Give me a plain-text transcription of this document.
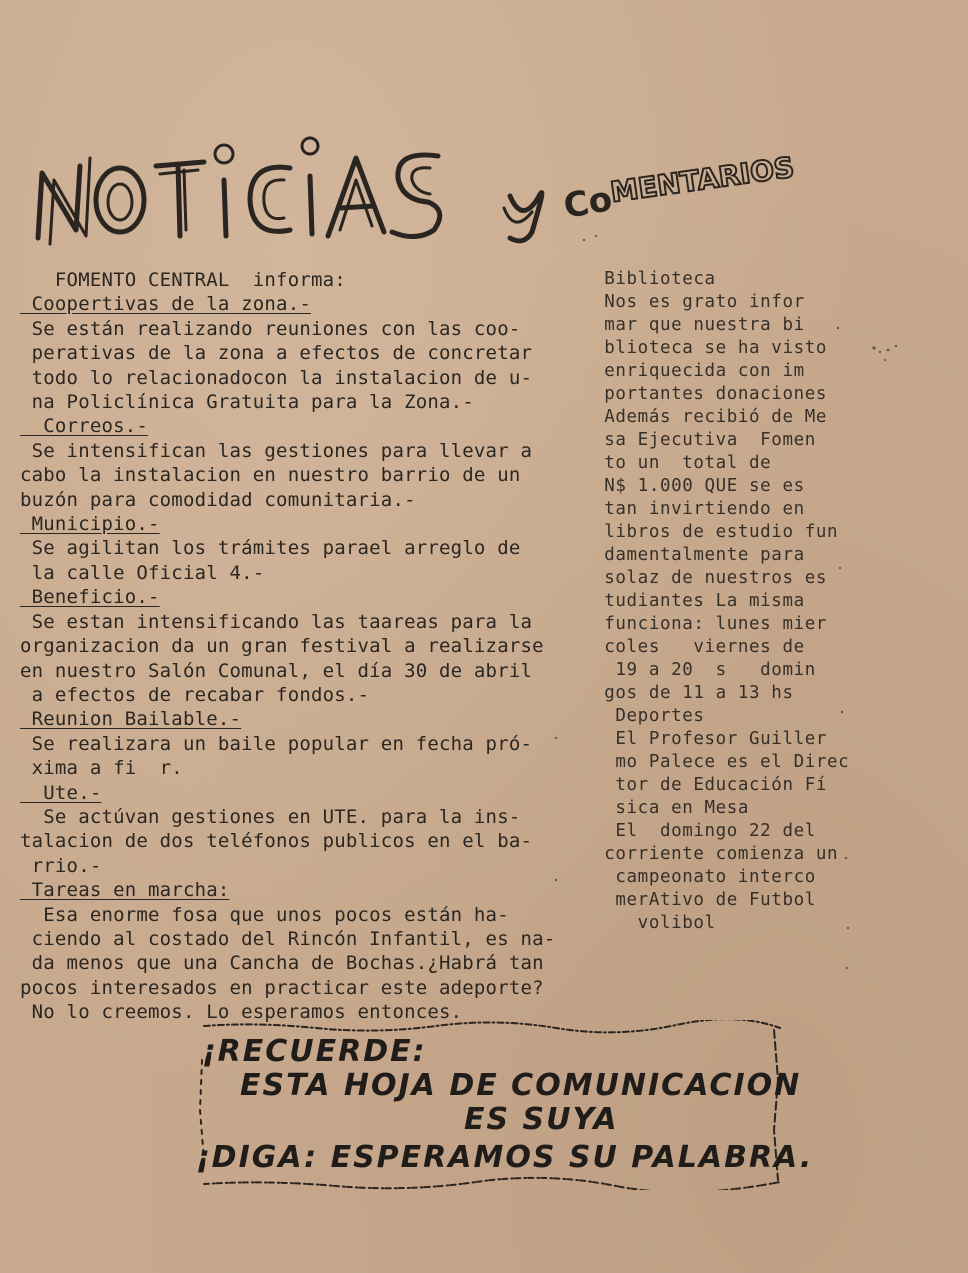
Co
MENTARIOS
FOMENTO CENTRAL  informa:
Coopertivas de la zona.-
Se están realizando reuniones con las coo-
perativas de la zona a efectos de concretar
todo lo relacionadocon la instalacion de u-
na Policlínica Gratuita para la Zona.-
Correos.-
Se intensifican las gestiones para llevar a
cabo la instalacion en nuestro barrio de un
buzón para comodidad comunitaria.-
Municipio.-
Se agilitan los trámites parael arreglo de
la calle Oficial 4.-
Beneficio.-
Se estan intensificando las taareas para la
organizacion da un gran festival a realizarse
en nuestro Salón Comunal, el día 30 de abril
a efectos de recabar fondos.-
Reunion Bailable.-
Se realizara un baile popular en fecha pró-
xima a fi  r.
Ute.-
Se actúvan gestiones en UTE. para la ins-
talacion de dos teléfonos publicos en el ba-
rrio.-
Tareas en marcha:
Esa enorme fosa que unos pocos están ha-
ciendo al costado del Rincón Infantil, es na-
da menos que una Cancha de Bochas.¿Habrá tan
pocos interesados en practicar este adeporte?
No lo creemos. Lo esperamos entonces.
Biblioteca
Nos es grato infor
mar que nuestra bi
blioteca se ha visto
enriquecida con im
portantes donaciones
Además recibió de Me
sa Ejecutiva  Fomen
to un  total de
N$ 1.000 QUE se es
tan invirtiendo en
libros de estudio fun
damentalmente para
solaz de nuestros es
tudiantes La misma
funciona: lunes mier
coles   viernes de
19 a 20  s   domin
gos de 11 a 13 hs
Deportes
El Profesor Guiller
mo Palece es el Direc
tor de Educación Fí
sica en Mesa
El  domingo 22 del
corriente comienza un
campeonato interco
merAtivo de Futbol
volibol
¡RECUERDE:
ESTA HOJA DE COMUNICACION
ES SUYA
¡DIGA: ESPERAMOS SU PALABRA.
